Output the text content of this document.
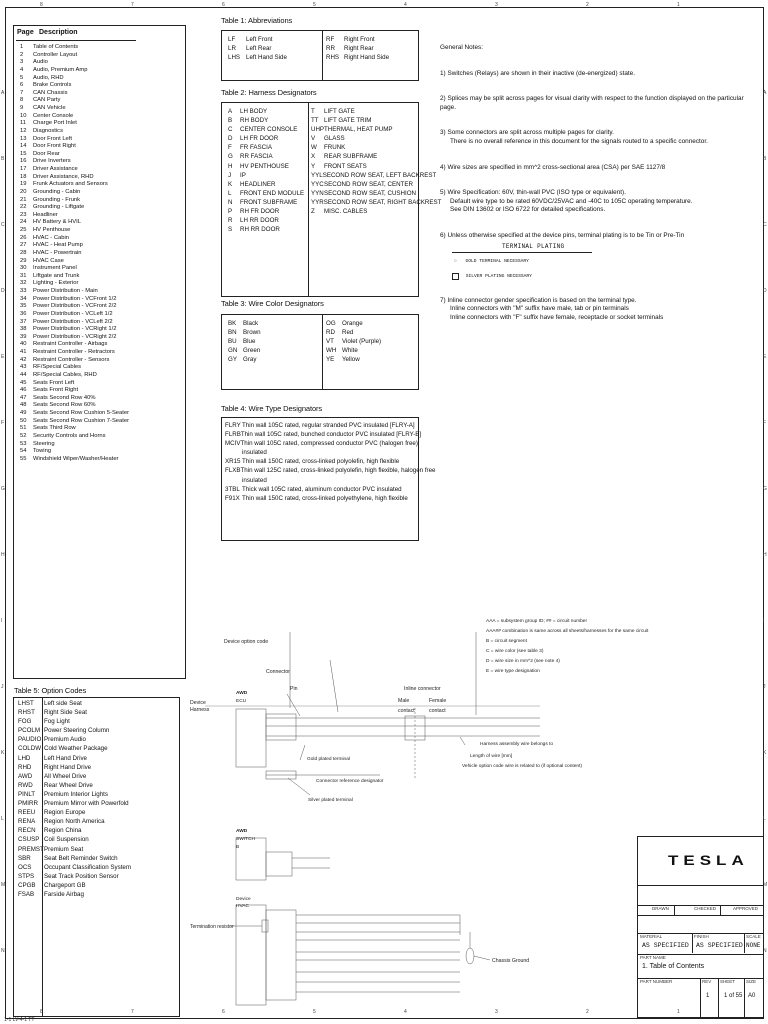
8
8
7
7
6
6
5
5
4
4
3
3
2
2
1
1
A	A
B	B
C	C
D	D
E	E
F	F
G	G
H	H
I	I
J	J
K	K
L	L
M	M
N	N
Page Description
1	Table of Contents
2	Controller Layout
3	Audio
4	Audio, Premium Amp
5	Audio, RHD
6	Brake Controls
7	CAN Chassis
8	CAN Party
9	CAN Vehicle
10	Center Console
11	Charge Port Inlet
12	Diagnostics
13	Door Front Left
14	Door Front Right
15	Door Rear
16	Drive Inverters
17	Driver Assistance
18	Driver Assistance, RHD
19	Frunk Actuators and Sensors
20	Grounding - Cabin
21	Grounding - Frunk
22	Grounding - Liftgate
23	Headliner
24	HV Battery & HVIL
25	HV Penthouse
26	HVAC - Cabin
27	HVAC - Heat Pump
28	HVAC - Powertrain
29	HVAC Case
30	Instrument Panel
31	Liftgate and Trunk
32	Lighting - Exterior
33	Power Distribution - Main
34	Power Distribution - VCFront 1/2
35	Power Distribution - VCFront 2/2
36	Power Distribution - VCLeft 1/2
37	Power Distribution - VCLeft 2/2
38	Power Distribution - VCRight 1/2
39	Power Distribution - VCRight 2/2
40	Restraint Controller - Airbags
41	Restraint Controller - Retractors
42	Restraint Controller - Sensors
43	RF/Special Cables
44	RF/Special Cables, RHD
45	Seats Front Left
46	Seats Front Right
47	Seats Second Row 40%
48	Seats Second Row 60%
49	Seats Second Row Cushion 5-Seater
50	Seats Second Row Cushion 7-Seater
51	Seats Third Row
52	Security Controls and Horns
53	Steering
54	Towing
55	Windshield Wiper/Washer/Heater
Table 1: Abbreviations
LF	Left Front
LR	Left Rear
LHS Left Hand Side
RF	Right Front
RR	Right Rear
RHS Right Hand Side
Table 2: Harness Designators
A	LH BODY
B	RH BODY
C	CENTER CONSOLE
D	LH FR DOOR
F	FR FASCIA
G	RR FASCIA
H	HV PENTHOUSE
J	IP
K	HEADLINER
L	FRONT END MODULE
N	FRONT SUBFRAME
P	RH FR DOOR
R	LH RR DOOR
S	RH RR DOOR
T	LIFT GATE
TT LIFT GATE TRIM
UHP THERMAL, HEAT PUMP
V	GLASS
W	FRUNK
X	REAR SUBFRAME
Y	FRONT SEATS
YYL SECOND ROW SEAT, LEFT BACKREST
YYC SECOND ROW SEAT, CENTER
YYN SECOND ROW SEAT, CUSHION
YYR SECOND ROW SEAT, RIGHT BACKREST
Z	MISC. CABLES
Table 3: Wire Color Designators
BK	Black
BN	Brown
BU	Blue
GN Green
GY Gray
OG	Orange
RD	Red
VT	Violet (Purple)
WH White
YE	Yellow
Table 4: Wire Type Designators
FLRY Thin wall 105C rated, regular stranded PVC insulated [FLRY-A]
FLRB Thin wall 105C rated, bunched conductor PVC insulated [FLRY-B]
MCIV Thin wall 105C rated, compressed conductor PVC (halogen free)
insulated
XR15 Thin wall 150C rated, cross-linked polyolefin, high flexible
FLXB Thin wall 125C rated, cross-linked polyolefin, high flexible, halogen free
insulated
3TBL Thick wall 105C rated, aluminum conductor PVC insulated
F91X Thin wall 150C rated, cross-linked polyethylene, high flexible
Table 5: Option Codes
LHST	Left side Seat
RHST	Right Side Seat
FOG	Fog Light
PCOLM Power Steering Column
PAUDIO Premium Audio
COLDW Cold Weather Package
LHD	Left Hand Drive
RHD	Right Hand Drive
AWD	All Wheel Drive
RWD	Rear Wheel Drive
PINLT	Premium Interior Lights
PMIRR Premium Mirror with Powerfold
REEU	Region Europe
RENA	Region North America
RECN	Region China
CSUSP Coil Suspension
PREMST Premium Seat
SBR	Seat Belt Reminder Switch
OCS	Occupant Classification System
STPS	Seat Track Position Sensor
CPGB	Chargeport GB
FSAB	Farside Airbag

General Notes:

1) Switches (Relays) are shown in their inactive (de-energized) state.

2) Splices may be split across pages for visual clarity with respect to the function displayed on the particular page.

3) Some connectors are split across multiple pages for clarity.

There is no overall reference in this document for the signals routed to a specific connector.

4) Wire sizes are specified in mm^2 cross-sectional area (CSA) per SAE 1127/8

5) Wire Specification: 60V, thin-wall PVC (ISO type or equivalent).

Default wire type to be rated 60VDC/25VAC and -40C to 105C operating temperature.

See DIN 13602 or ISO 6722 for detailed specifications.

6) Unless otherwise specified at the device pins, terminal plating is to be Tin or Pre-Tin

TERMINAL PLATING
○ GOLD TERMINAL NECESSARY
SILVER PLATING NECESSARY

7) Inline connector gender specification is based on the terminal type.

Inline connectors with "M" suffix have male, tab or pin terminals

Inline connectors with "F" suffix have female, receptacle or socket terminals

Device option code
Connector
Pin	Inline connector
Male
contact
Female
contact
Device
Harness
AWD
ECU
AAA = subsystem group ID; ## = circuit number
AAA## combination is same across all sheets/harnesses for the same circuit
B = circuit segment
C = wire color (see table 3)
D = wire size in mm^2 (see note 4)
E = wire type designation
Harness assembly wire belongs to
Length of wire [mm]
Vehicle option code wire is related to (if optional content)
Gold plated terminal
Connector reference designator
Silver plated terminal
AWD
SWITCH
B
Device
HVAC
Termination resistor
Chassis Ground
TESLA
DRAWN	CHECKED	APPROVED
MATERIAL	FINISH	SCALE
AS SPECIFIED AS SPECIFIED NONE
PART NAME
1. Table of Contents
PART NUMBER	REV SHEET SIZE
1 1 of 55 A0
1-1 LV-4-1 TT
